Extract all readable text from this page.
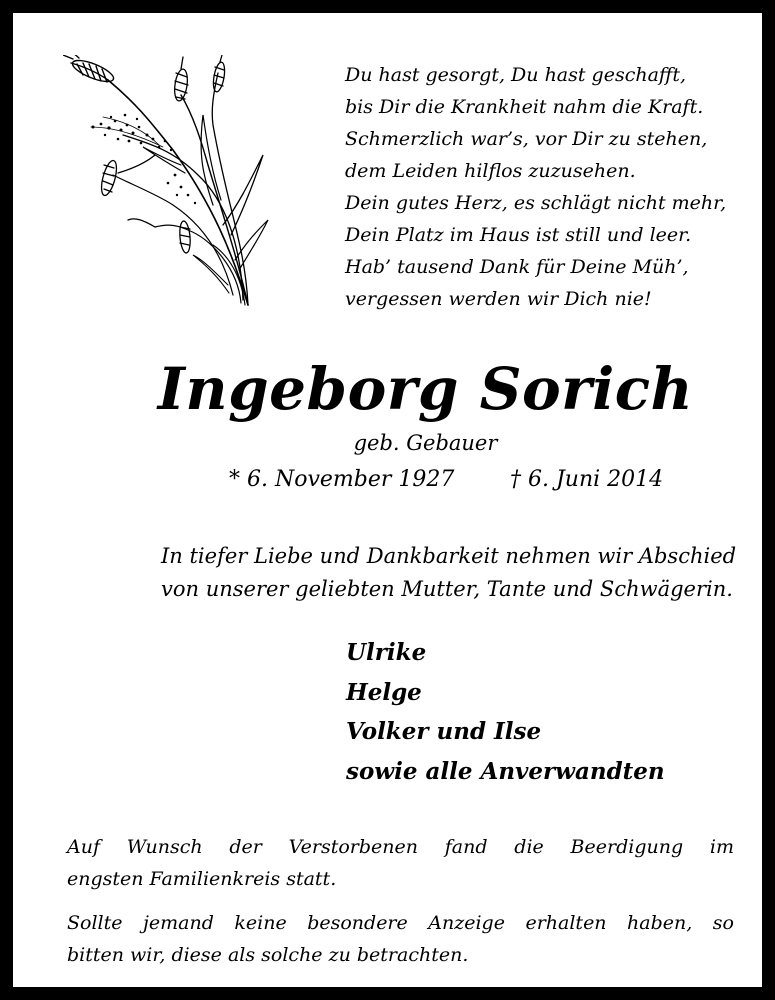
Du hast gesorgt, Du hast geschafft,
bis Dir die Krankheit nahm die Kraft.
Schmerzlich war’s, vor Dir zu stehen,
dem Leiden hilflos zuzusehen.
Dein gutes Herz, es schlägt nicht mehr,
Dein Platz im Haus ist still und leer.
Hab’ tausend Dank für Deine Müh’,
vergessen werden wir Dich nie!
Ingeborg Sorich
geb. Gebauer
* 6. November 1927	† 6. Juni 2014
In tiefer Liebe und Dankbarkeit nehmen wir Abschied
von unserer geliebten Mutter, Tante und Schwägerin.
Ulrike
Helge
Volker und Ilse
sowie alle Anverwandten
Auf Wunsch der Verstorbenen fand die Beerdigung im
engsten Familienkreis statt.
Sollte jemand keine besondere Anzeige erhalten haben, so
bitten wir, diese als solche zu betrachten.
